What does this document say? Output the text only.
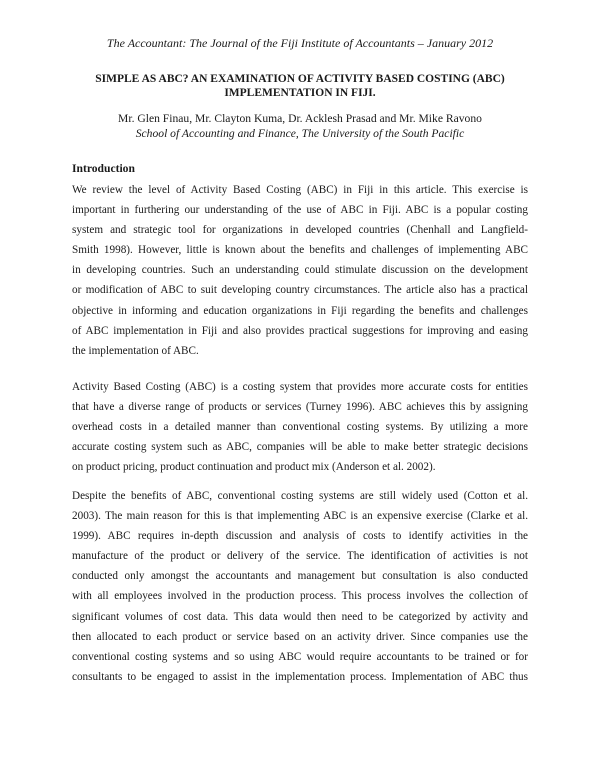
The Accountant: The Journal of the Fiji Institute of Accountants – January 2012
SIMPLE AS ABC? AN EXAMINATION OF ACTIVITY BASED COSTING (ABC)
IMPLEMENTATION IN FIJI.
Mr. Glen Finau, Mr. Clayton Kuma, Dr. Acklesh Prasad and Mr. Mike Ravono
School of Accounting and Finance, The University of the South Pacific
Introduction
We review the level of Activity Based Costing (ABC) in Fiji in this article. This exercise is
important in furthering our understanding of the use of ABC in Fiji. ABC is a popular costing
system and strategic tool for organizations in developed countries (Chenhall and Langfield-
Smith 1998). However, little is known about the benefits and challenges of implementing ABC
in developing countries. Such an understanding could stimulate discussion on the development
or modification of ABC to suit developing country circumstances. The article also has a practical
objective in informing and education organizations in Fiji regarding the benefits and challenges
of ABC implementation in Fiji and also provides practical suggestions for improving and easing
the implementation of ABC.
Activity Based Costing (ABC) is a costing system that provides more accurate costs for entities
that have a diverse range of products or services (Turney 1996). ABC achieves this by assigning
overhead costs in a detailed manner than conventional costing systems. By utilizing a more
accurate costing system such as ABC, companies will be able to make better strategic decisions
on product pricing, product continuation and product mix (Anderson et al. 2002).
Despite the benefits of ABC, conventional costing systems are still widely used (Cotton et al.
2003). The main reason for this is that implementing ABC is an expensive exercise (Clarke et al.
1999). ABC requires in-depth discussion and analysis of costs to identify activities in the
manufacture of the product or delivery of the service. The identification of activities is not
conducted only amongst the accountants and management but consultation is also conducted
with all employees involved in the production process. This process involves the collection of
significant volumes of cost data. This data would then need to be categorized by activity and
then allocated to each product or service based on an activity driver. Since companies use the
conventional costing systems and so using ABC would require accountants to be trained or for
consultants to be engaged to assist in the implementation process. Implementation of ABC thus
